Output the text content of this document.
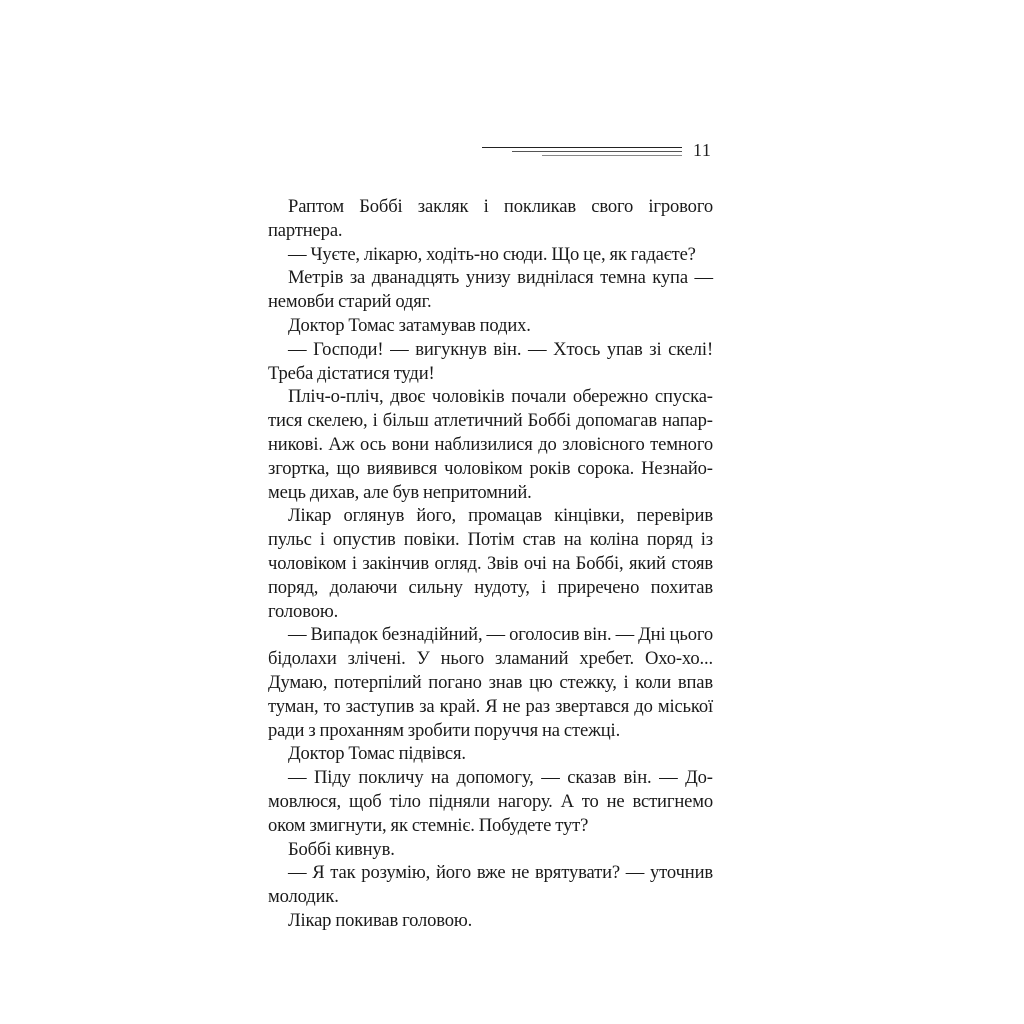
11

Раптом Боббі закляк і покликав свого ігрового партнера.

— Чуєте, лікарю, ходіть-но сюди. Що це, як гадаєте?

Метрів за дванадцять унизу виднілася темна купа — немовби старий одяг.

Доктор Томас затамував подих.

— Господи! — вигукнув він. — Хтось упав зі скелі! Треба дістатися туди!

Пліч-о-пліч, двоє чоловіків почали обережно спускатися скелею, і більш атлетичний Боббі допомагав напарникові. Аж ось вони наблизилися до зловісного темного згортка, що виявився чоловіком років сорока. Незнайомець дихав, але був непритомний.

Лікар оглянув його, промацав кінцівки, перевірив пульс і опустив повіки. Потім став на коліна поряд із чоловіком і закінчив огляд. Звів очі на Боббі, який стояв поряд, долаючи сильну нудоту, і приречено похитав головою.

— Випадок безнадійний, — оголосив він. — Дні цього бідолахи злічені. У нього зламаний хребет. Охо-хо... Думаю, потерпілий погано знав цю стежку, і коли впав туман, то заступив за край. Я не раз звертався до міської ради з проханням зробити поруччя на стежці.

Доктор Томас підвівся.

— Піду покличу на допомогу, — сказав він. — Домовлюся, щоб тіло підняли нагору. А то не встигнемо оком змигнути, як стемніє. Побудете тут?

Боббі кивнув.

— Я так розумію, його вже не врятувати? — уточнив молодик.

Лікар покивав головою.
